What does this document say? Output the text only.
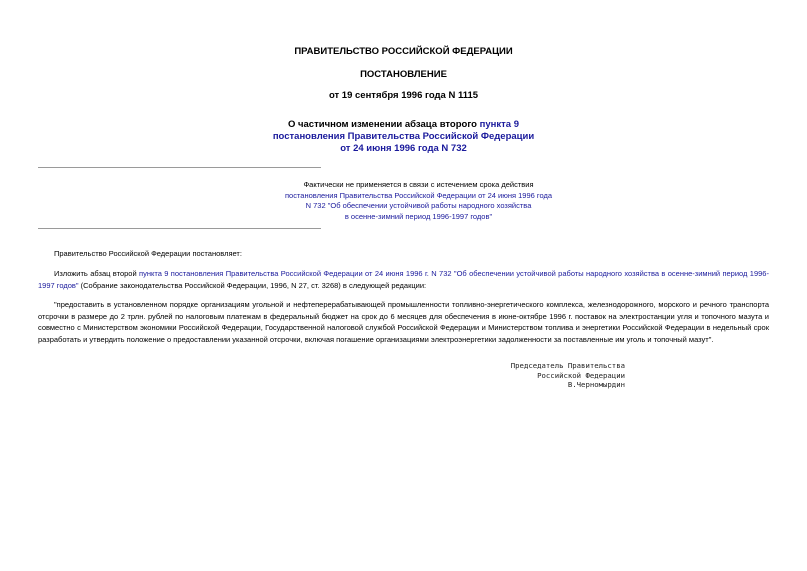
ПРАВИТЕЛЬСТВО РОССИЙСКОЙ ФЕДЕРАЦИИ
ПОСТАНОВЛЕНИЕ
от 19 сентября 1996 года N 1115
О частичном изменении абзаца второго пункта 9
постановления Правительства Российской Федерации
от 24 июня 1996 года N 732
Фактически не применяется в связи с истечением срока действия
постановления Правительства Российской Федерации от 24 июня 1996 года
N 732 "Об обеспечении устойчивой работы народного хозяйства
в осенне-зимний период 1996-1997 годов"
Правительство Российской Федерации постановляет:
Изложить абзац второй пункта 9 постановления Правительства Российской Федерации от 24 июня 1996 г. N 732 "Об обеспечении устойчивой работы народного хозяйства в осенне-зимний период 1996-1997 годов" (Собрание законодательства Российской Федерации, 1996, N 27, ст. 3268) в следующей редакции:
"предоставить в установленном порядке организациям угольной и нефтеперерабатывающей промышленности топливно-энергетического комплекса, железнодорожного, морского и речного транспорта отсрочки в размере до 2 трлн. рублей по налоговым платежам в федеральный бюджет на срок до 6 месяцев для обеспечения в июне-октябре 1996 г. поставок на электростанции угля и топочного мазута и совместно с Министерством экономики Российской Федерации, Государственной налоговой службой Российской Федерации и Министерством топлива и энергетики Российской Федерации в недельный срок разработать и утвердить положение о предоставлении указанной отсрочки, включая погашение организациями электроэнергетики задолженности за поставленные им уголь и топочный мазут".
Председатель Правительства
Российской Федерации
В.Черномырдин
